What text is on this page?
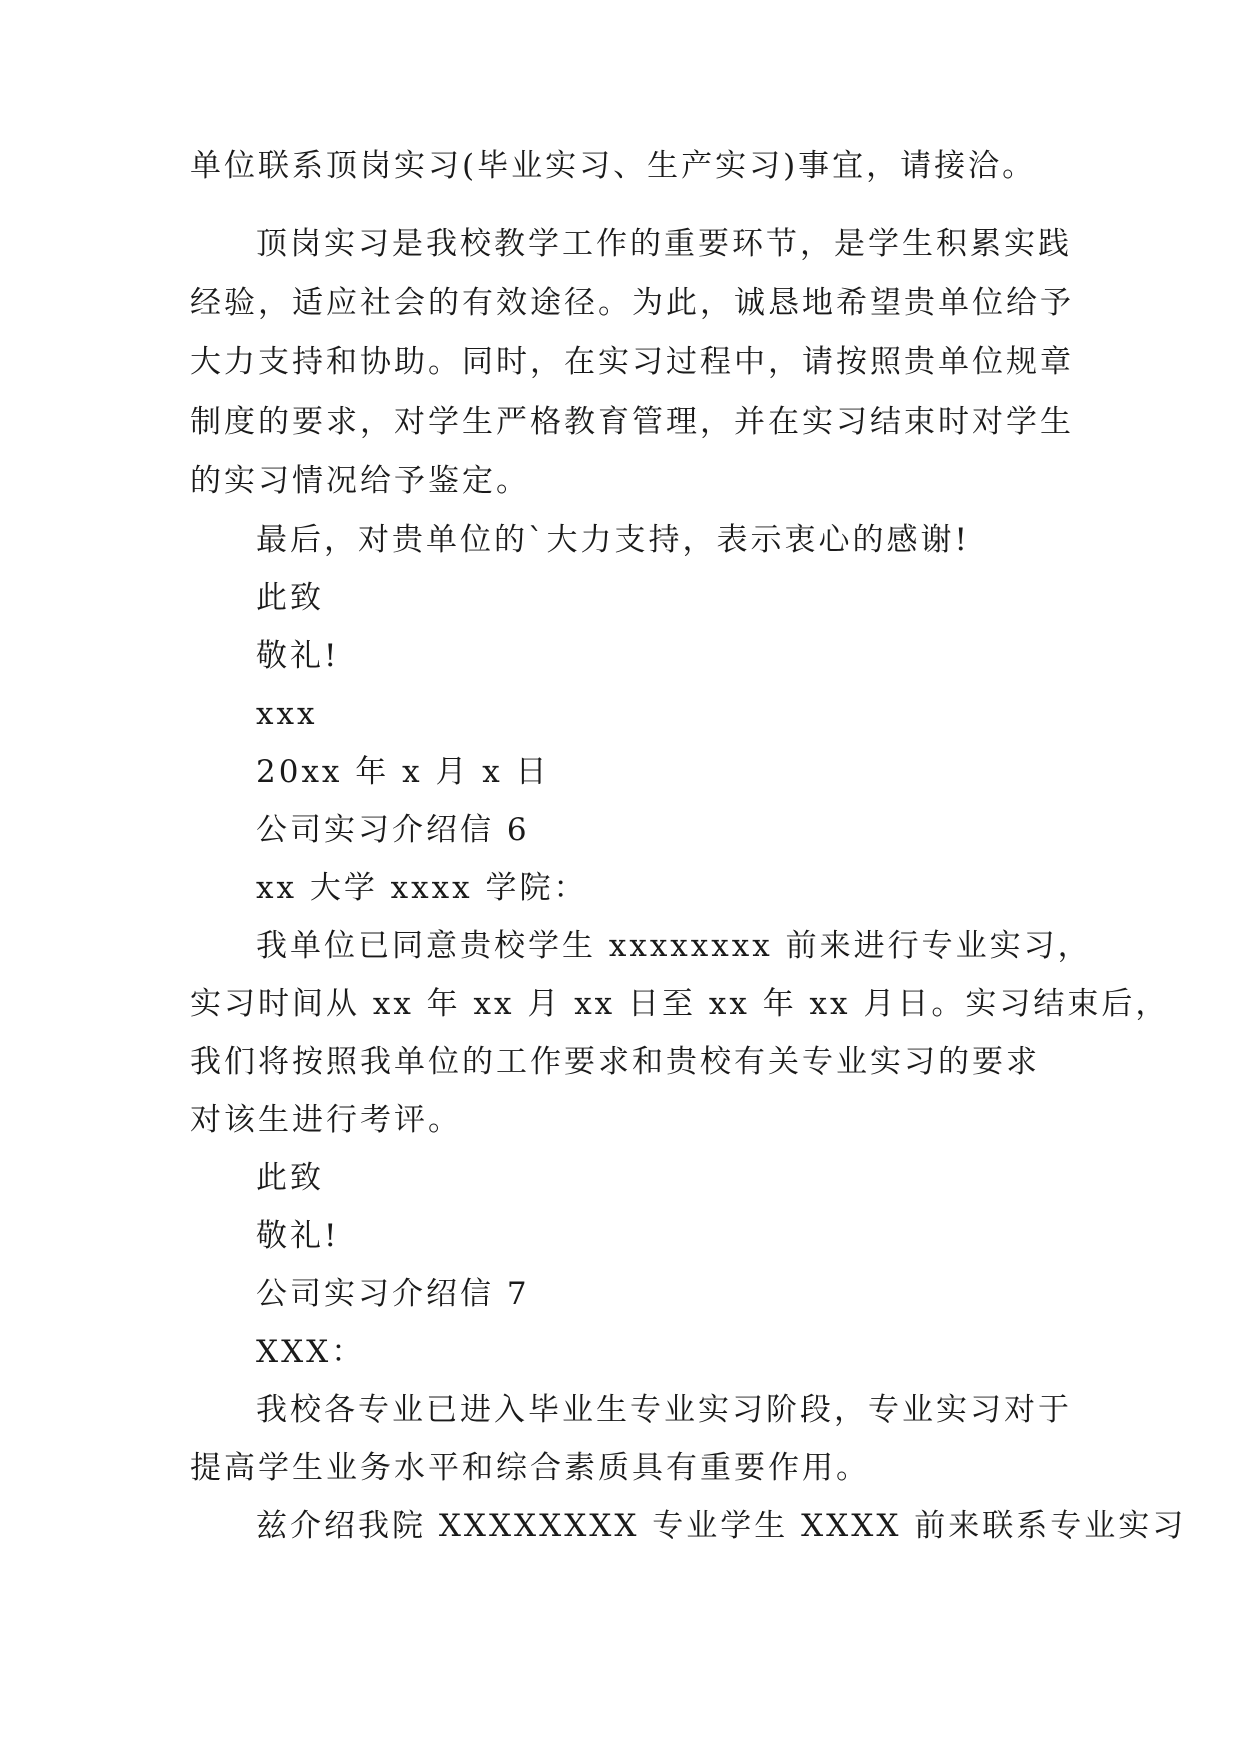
单位联系顶岗实习(毕业实习、生产实习)事宜，请接洽。

顶岗实习是我校教学工作的重要环节，是学生积累实践

经验，适应社会的有效途径。为此，诚恳地希望贵单位给予

大力支持和协助。同时，在实习过程中，请按照贵单位规章

制度的要求，对学生严格教育管理，并在实习结束时对学生

的实习情况给予鉴定。

最后，对贵单位的`大力支持，表示衷心的感谢!

此致

敬礼!

xxx

20xx 年 x 月 x 日

公司实习介绍信 6

xx 大学 xxxx 学院：

我单位已同意贵校学生 xxxxxxxx 前来进行专业实习，

实习时间从 xx 年 xx 月 xx 日至 xx 年 xx 月日。实习结束后，

我们将按照我单位的工作要求和贵校有关专业实习的要求

对该生进行考评。

此致

敬礼!

公司实习介绍信 7

XXX：

我校各专业已进入毕业生专业实习阶段，专业实习对于

提高学生业务水平和综合素质具有重要作用。

兹介绍我院 XXXXXXXX 专业学生 XXXX 前来联系专业实习
